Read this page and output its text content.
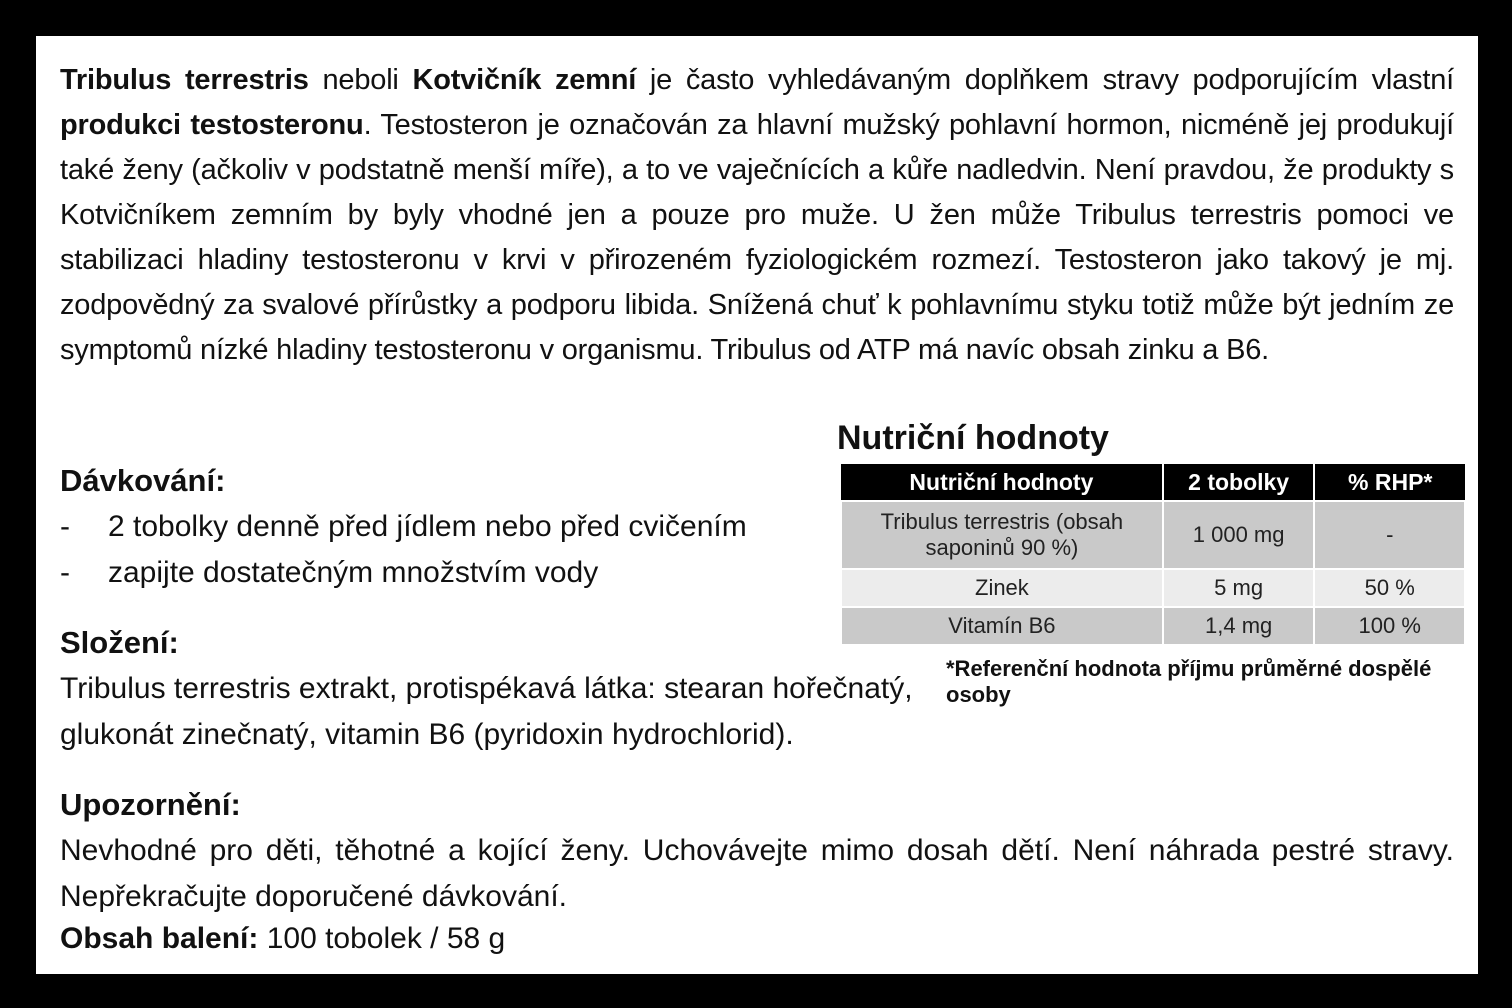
Tribulus terrestris neboli Kotvičník zemní je často vyhledávaným doplňkem stravy podporujícím vlastní produkci testosteronu. Testosteron je označován za hlavní mužský pohlavní hormon, nicméně jej produkují také ženy (ačkoliv v podstatně menší míře), a to ve vaječnících a kůře nadledvin. Není pravdou, že produkty s Kotvičníkem zemním by byly vhodné jen a pouze pro muže. U žen může Tribulus terrestris pomoci ve stabilizaci hladiny testosteronu v krvi v přirozeném fyziologickém rozmezí. Testosteron jako takový je mj. zodpovědný za svalové přírůstky a podporu libida. Snížená chuť k pohlavnímu styku totiž může být jedním ze symptomů nízké hladiny testosteronu v organismu. Tribulus od ATP má navíc obsah zinku a B6.
Nutriční hodnoty
Nutriční hodnoty	2 tobolky	% RHP*
Tribulus terrestris (obsah saponinů 90 %)	1 000 mg	-
Zinek	5 mg	50 %
Vitamín B6	1,4 mg	100 %
*Referenční hodnota příjmu průměrné dospělé osoby
Dávkování:
- 2 tobolky denně před jídlem nebo před cvičením
- zapijte dostatečným množstvím vody
Složení:
Tribulus terrestris extrakt, protispékavá látka: stearan hořečnatý, glukonát zinečnatý, vitamin B6 (pyridoxin hydrochlorid).
Upozornění:

Nevhodné pro děti, těhotné a kojící ženy. Uchovávejte mimo dosah dětí. Není náhrada pestré stravy. Nepřekračujte doporučené dávkování.

Obsah balení: 100 tobolek / 58 g
